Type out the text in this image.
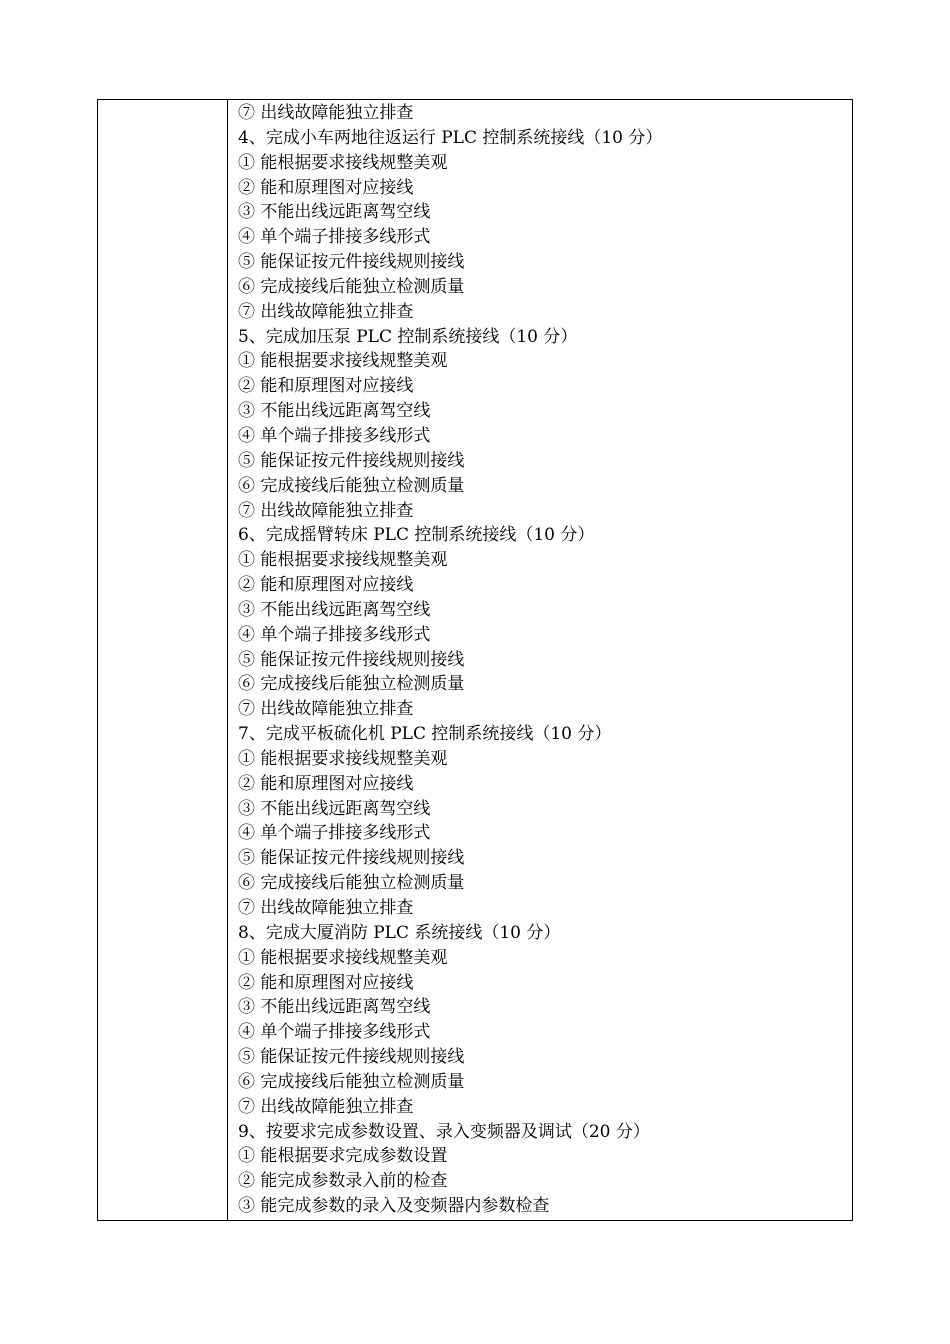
⑦ 出线故障能独立排查
4、完成小车两地往返运行 PLC 控制系统接线（10 分）
① 能根据要求接线规整美观
② 能和原理图对应接线
③ 不能出线远距离驾空线
④ 单个端子排接多线形式
⑤ 能保证按元件接线规则接线
⑥ 完成接线后能独立检测质量
⑦ 出线故障能独立排查
5、完成加压泵 PLC 控制系统接线（10 分）
① 能根据要求接线规整美观
② 能和原理图对应接线
③ 不能出线远距离驾空线
④ 单个端子排接多线形式
⑤ 能保证按元件接线规则接线
⑥ 完成接线后能独立检测质量
⑦ 出线故障能独立排查
6、完成摇臂转床 PLC 控制系统接线（10 分）
① 能根据要求接线规整美观
② 能和原理图对应接线
③ 不能出线远距离驾空线
④ 单个端子排接多线形式
⑤ 能保证按元件接线规则接线
⑥ 完成接线后能独立检测质量
⑦ 出线故障能独立排查
7、完成平板硫化机 PLC 控制系统接线（10 分）
① 能根据要求接线规整美观
② 能和原理图对应接线
③ 不能出线远距离驾空线
④ 单个端子排接多线形式
⑤ 能保证按元件接线规则接线
⑥ 完成接线后能独立检测质量
⑦ 出线故障能独立排查
8、完成大厦消防 PLC 系统接线（10 分）
① 能根据要求接线规整美观
② 能和原理图对应接线
③ 不能出线远距离驾空线
④ 单个端子排接多线形式
⑤ 能保证按元件接线规则接线
⑥ 完成接线后能独立检测质量
⑦ 出线故障能独立排查
9、按要求完成参数设置、录入变频器及调试（20 分）
① 能根据要求完成参数设置
② 能完成参数录入前的检查
③ 能完成参数的录入及变频器内参数检查
